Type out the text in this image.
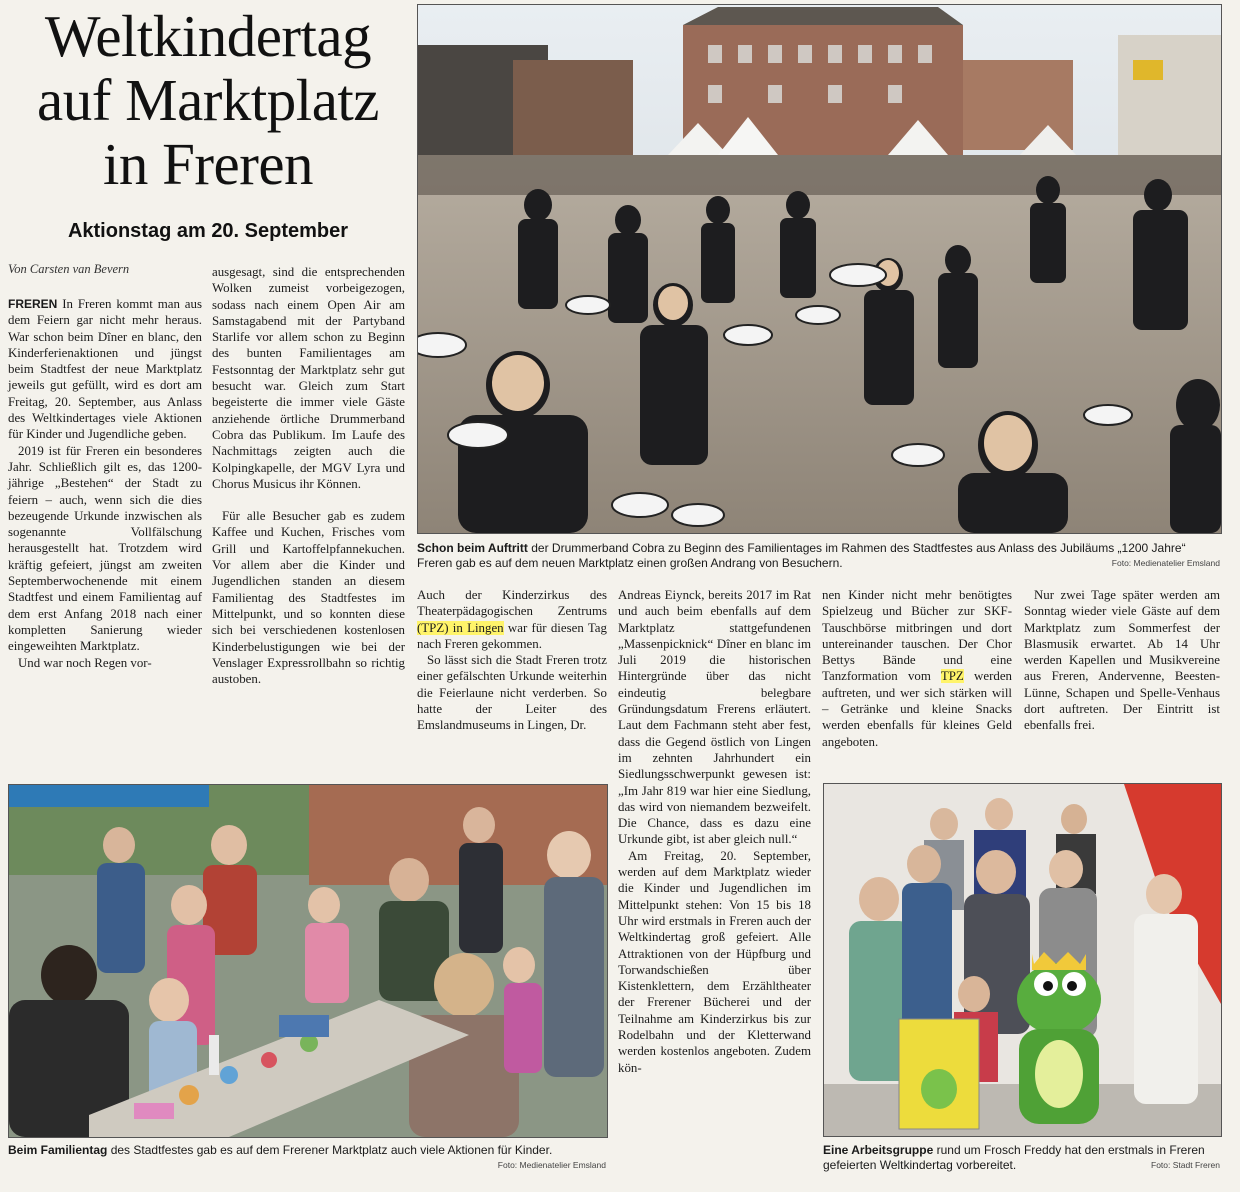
Weltkindertag
auf Marktplatz
in Freren
Aktionstag am 20. September
Von Carsten van Bevern

FREREN In Freren kommt man aus dem Feiern gar nicht mehr heraus. War schon beim Dîner en blanc, den Kinderferienaktionen und jüngst beim Stadtfest der neue Marktplatz jeweils gut gefüllt, wird es dort am Freitag, 20. September, aus Anlass des Weltkindertages viele Aktionen für Kinder und Jugendliche geben.

2019 ist für Freren ein besonderes Jahr. Schließlich gilt es, das 1200-jährige „Bestehen“ der Stadt zu feiern – auch, wenn sich die dies bezeugende Urkunde inzwischen als sogenannte Vollfälschung herausgestellt hat. Trotzdem wird kräftig gefeiert, jüngst am zweiten Septemberwochenende mit einem Stadtfest und einem Familientag auf dem erst Anfang 2018 nach einer kompletten Sanierung wieder eingeweihten Marktplatz.

Und war noch Regen vor-

ausgesagt, sind die entsprechenden Wolken zumeist vorbeigezogen, sodass nach einem Open Air am Samstagabend mit der Partyband Starlife vor allem schon zu Beginn des bunten Familientages am Festsonntag der Marktplatz sehr gut besucht war. Gleich zum Start begeisterte die immer viele Gäste anziehende örtliche Drummerband Cobra das Publikum. Im Laufe des Nachmittags zeigten auch die Kolpingkapelle, der MGV Lyra und Chorus Musicus ihr Können.

Für alle Besucher gab es zudem Kaffee und Kuchen, Frisches vom Grill und Kartoffelpfannekuchen. Vor allem aber die Kinder und Jugendlichen standen an diesem Familientag des Stadtfestes im Mittelpunkt, und so konnten diese sich bei verschiedenen kostenlosen Kinderbelustigungen wie bei der Venslager Expressrollbahn so richtig austoben.

Schon beim Auftritt der Drummerband Cobra zu Beginn des Familientages im Rahmen des Stadtfestes aus Anlass des Jubiläums „1200 Jahre“ Freren gab es auf dem neuen Marktplatz einen großen Andrang von Besuchern.	Foto: Medienatelier Emsland

Auch der Kinderzirkus des Theaterpädagogischen Zentrums (TPZ) in Lingen war für diesen Tag nach Freren gekommen.

So lässt sich die Stadt Freren trotz einer gefälschten Urkunde weiterhin die Feierlaune nicht verderben. So hatte der Leiter des Emslandmuseums in Lingen, Dr.

Andreas Eiynck, bereits 2017 im Rat und auch beim ebenfalls auf dem Marktplatz stattgefundenen „Massenpicknick“ Dîner en blanc im Juli 2019 die historischen Hintergründe über das nicht eindeutig belegbare Gründungsdatum Frerens erläutert. Laut dem Fachmann steht aber fest, dass die Gegend östlich von Lingen im zehnten Jahrhundert ein Siedlungsschwerpunkt gewesen ist: „Im Jahr 819 war hier eine Siedlung, das wird von niemandem bezweifelt. Die Chance, dass es dazu eine Urkunde gibt, ist aber gleich null.“

Am Freitag, 20. September, werden auf dem Marktplatz wieder die Kinder und Jugendlichen im Mittelpunkt stehen: Von 15 bis 18 Uhr wird erstmals in Freren auch der Weltkindertag groß gefeiert. Alle Attraktionen von der Hüpfburg und Torwandschießen über Kistenklettern, dem Erzähltheater der Frerener Bücherei und der Teilnahme am Kinderzirkus bis zur Rodelbahn und der Kletterwand werden kostenlos angeboten. Zudem kön-

nen Kinder nicht mehr benötigtes Spielzeug und Bücher zur SKF-Tauschbörse mitbringen und dort untereinander tauschen. Der Chor Bettys Bände und eine Tanzformation vom TPZ werden auftreten, und wer sich stärken will – Getränke und kleine Snacks werden ebenfalls für kleines Geld angeboten.

Nur zwei Tage später werden am Sonntag wieder viele Gäste auf dem Marktplatz zum Sommerfest der Blasmusik erwartet. Ab 14 Uhr werden Kapellen und Musikvereine aus Freren, Andervenne, Beesten-Lünne, Schapen und Spelle-Venhaus dort auftreten. Der Eintritt ist ebenfalls frei.

Beim Familientag des Stadtfestes gab es auf dem Frerener Marktplatz auch viele Aktionen für Kinder.
Foto: Medienatelier Emsland
Eine Arbeitsgruppe rund um Frosch Freddy hat den erstmals in Freren gefeierten Weltkindertag vorbereitet.	Foto: Stadt Freren
